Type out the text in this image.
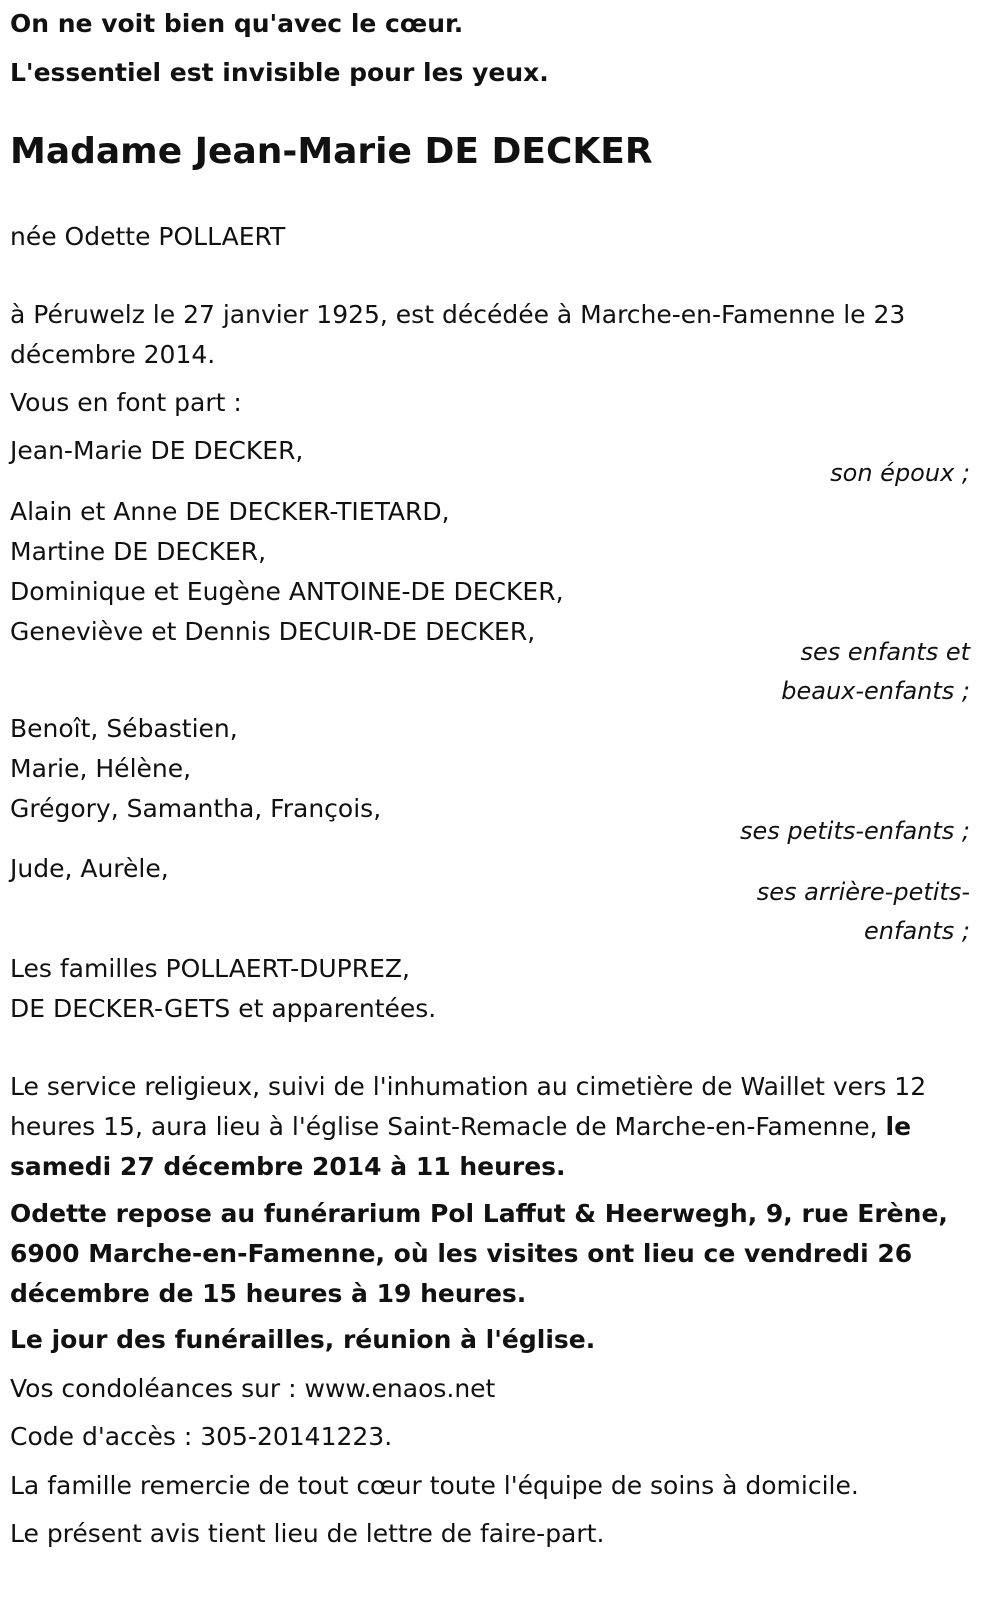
On ne voit bien qu'avec le cœur.

L'essentiel est invisible pour les yeux.

Madame Jean-Marie DE DECKER

née Odette POLLAERT

à Péruwelz le 27 janvier 1925, est décédée à Marche-en-Famenne le 23 décembre 2014.

Vous en font part :

Jean-Marie DE DECKER,

son époux ;

Alain et Anne DE DECKER-TIETARD,
Martine DE DECKER,
Dominique et Eugène ANTOINE-DE DECKER,
Geneviève et Dennis DECUIR-DE DECKER,

ses enfants et

beaux-enfants ;

Benoît, Sébastien,
Marie, Hélène,
Grégory, Samantha, François,

ses petits-enfants ;

Jude, Aurèle,

ses arrière-petits-

enfants ;

Les familles POLLAERT-DUPREZ,
DE DECKER-GETS et apparentées.

Le service religieux, suivi de l'inhumation au cimetière de Waillet vers 12 heures 15, aura lieu à l'église Saint-Remacle de Marche-en-Famenne, le samedi 27 décembre 2014 à 11 heures.

Odette repose au funérarium Pol Laffut & Heerwegh, 9, rue Erène, 6900 Marche-en-Famenne, où les visites ont lieu ce vendredi 26 décembre de 15 heures à 19 heures.

Le jour des funérailles, réunion à l'église.

Vos condoléances sur : www.enaos.net

Code d'accès : 305-20141223.

La famille remercie de tout cœur toute l'équipe de soins à domicile.

Le présent avis tient lieu de lettre de faire-part.
